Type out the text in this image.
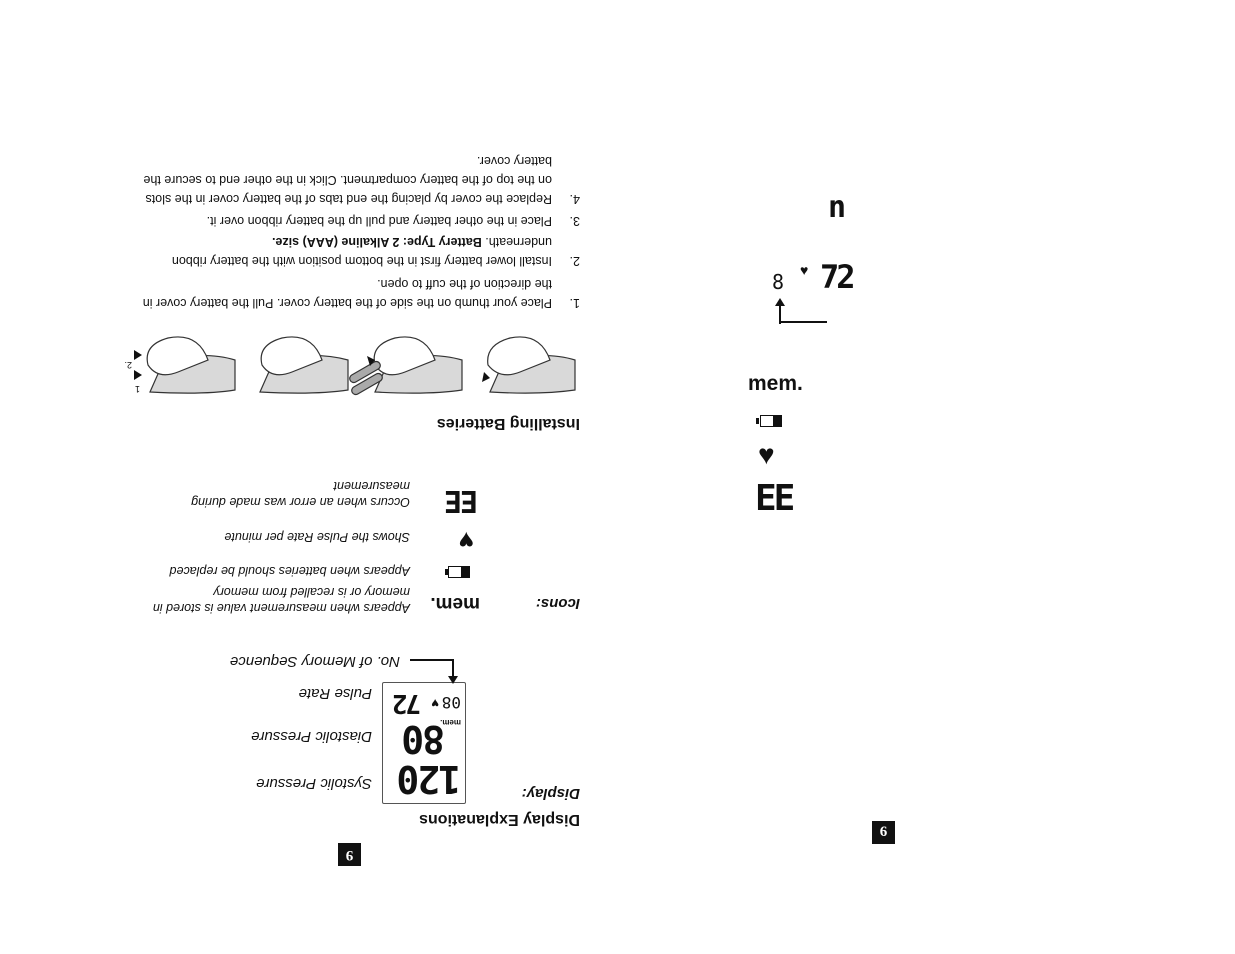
9
Display Explanations
Display:
120
80
08
♥
72
mem.
Systolic Pressure
Diastolic Pressure
Pulse Rate
No. of Memory Sequence
Icons:
mem.
Appears when measurement value is stored in memory or is recalled from memory
Appears when batteries should be replaced
♥
Shows the Pulse Rate per minute
EE
Occurs when an error was made during measurement
Installing Batteries
1
2.
1.
Place your thumb on the side of the battery cover. Pull the battery cover in the direction of the cuff to open.
2.
Install lower battery first in the bottom position with the battery ribbon underneath. Battery Type: 2 Alkaline (AAA) size.
3.
Place in the other battery and pull up the battery ribbon over it.
4.
Replace the cover by placing the end tabs of the battery cover in the slots on the top of the battery compartment. Click in the other end to secure the battery cover.
6
n
8 ♥ 72
mem.
♥
EE
